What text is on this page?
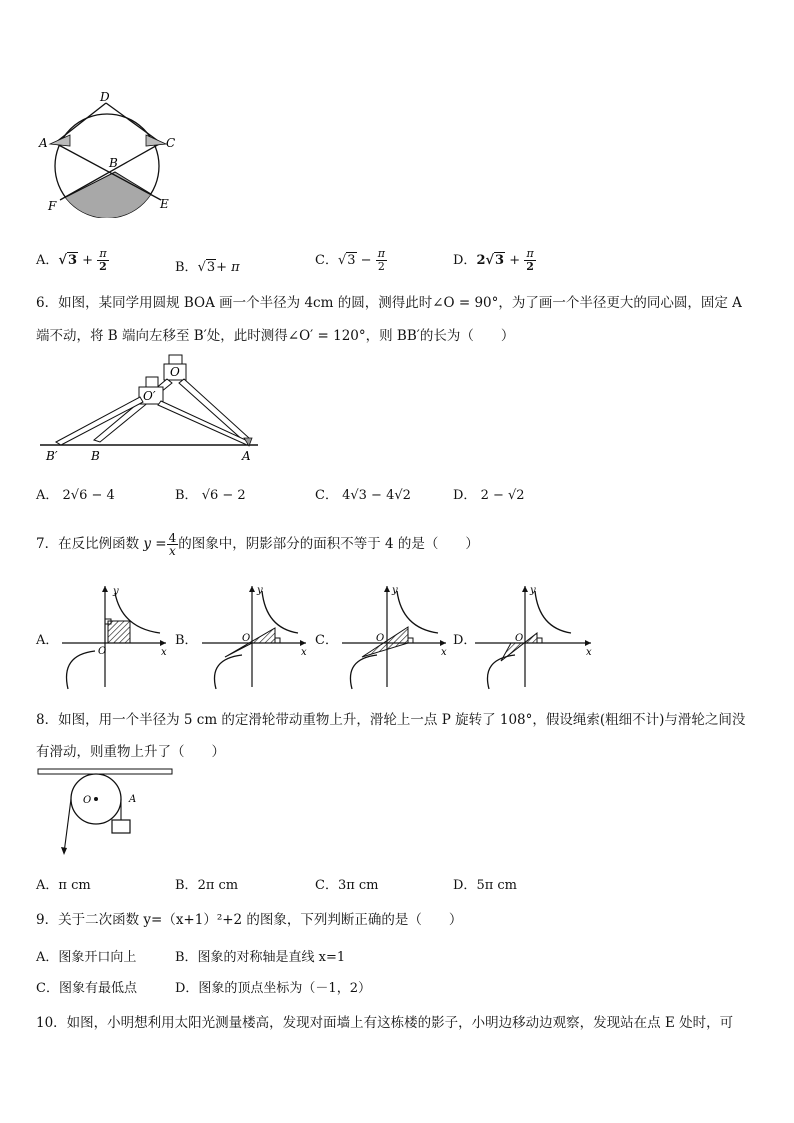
D
A	C
B
F	E
A．$√3 + \frac{\pi}{2}$	B．√3+ π	C．$√3 - \frac{\pi}{2}$	D．$2√3 + \frac{\pi}{2}$
6．如图，某同学用圆规 BOA 画一个半径为 4cm 的圆，测得此时∠O = 90°，为了画一个半径更大的同心圆，固定 A
端不动，将 B 端向左移至 B′处，此时测得∠O′ = 120°，则 BB′的长为（　　）
O
O′
B′	B	A
A． 2√6 − 4	B． √6 − 2	C． 4√3 − 4√2	D． 2 − √2
7．在反比例函数 $y = \frac{4}{x}$ 的图象中，阴影部分的面积不等于 4 的是（　　）
A．	B．	C．	D．
y
O	x
y
O
x
y
O
x
y
O
x
8．如图，用一个半径为 5 cm 的定滑轮带动重物上升，滑轮上一点 P 旋转了 108°，假设绳索(粗细不计)与滑轮之间没
有滑动，则重物上升了（　　）
O	A
A．π cm	B．2π cm	C．3π cm	D．5π cm
9．关于二次函数 y=（x+1）²+2 的图象，下列判断正确的是（　　）
A．图象开口向上	B．图象的对称轴是直线 x=1
C．图象有最低点	D．图象的顶点坐标为（－1，2）
10．如图，小明想利用太阳光测量楼高，发现对面墙上有这栋楼的影子，小明边移动边观察，发现站在点 E 处时，可
